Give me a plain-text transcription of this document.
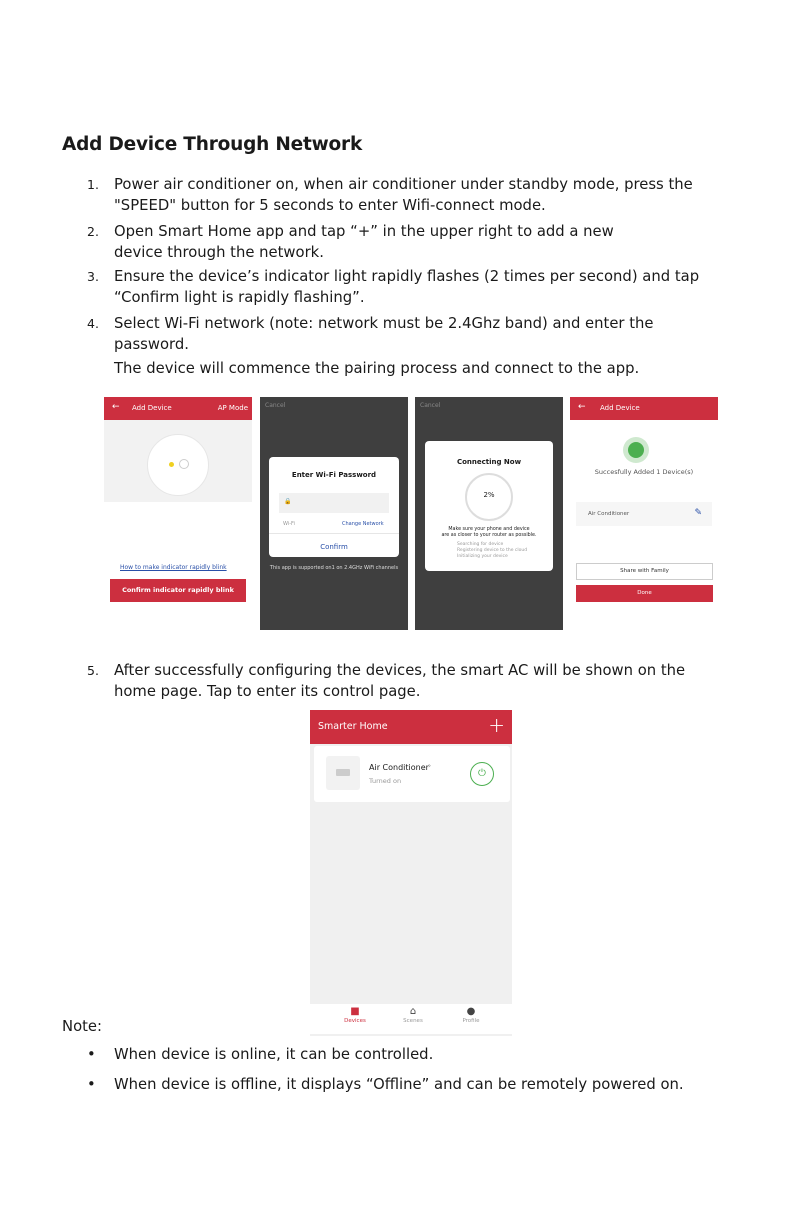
Add Device Through Network
1. Power air conditioner on, when air conditioner under standby mode, press the
"SPEED" button for 5 seconds to enter Wifi-connect mode.
2. Open Smart Home app and tap “+” in the upper right to add a new
device through the network.
3. Ensure the device’s indicator light rapidly flashes (2 times per second) and tap
“Confirm light is rapidly flashing”.
4. Select Wi-Fi network (note: network must be 2.4Ghz band) and enter the
password.
The device will commence the pairing process and connect to the app.
← Add Device	AP Mode
How to make indicator rapidly blink
Confirm indicator rapidly blink
Cancel
Enter Wi-Fi Password
🔒
Wi-Fi	Change Network
Confirm
This app is supported on1 on 2.4GHz WiFi channels
Cancel
Connecting Now
2%
Make sure your phone and device
are as closer to your router as possible.
Searching for device
Registering device to the cloud
Initializing your device
← Add Device
Succesfully Added 1 Device(s)
Air Conditioner	✎
Share with Family
Done
5. After successfully configuring the devices, the smart AC will be shown on the
home page. Tap to enter its control page.
Smarter Home	+
Air Conditioner ›
Turned on
⏻
■
Devices
⌂
Scenes
●
Profile
Note:
• When device is online, it can be controlled.
• When device is offline, it displays “Offline” and can be remotely powered on.
